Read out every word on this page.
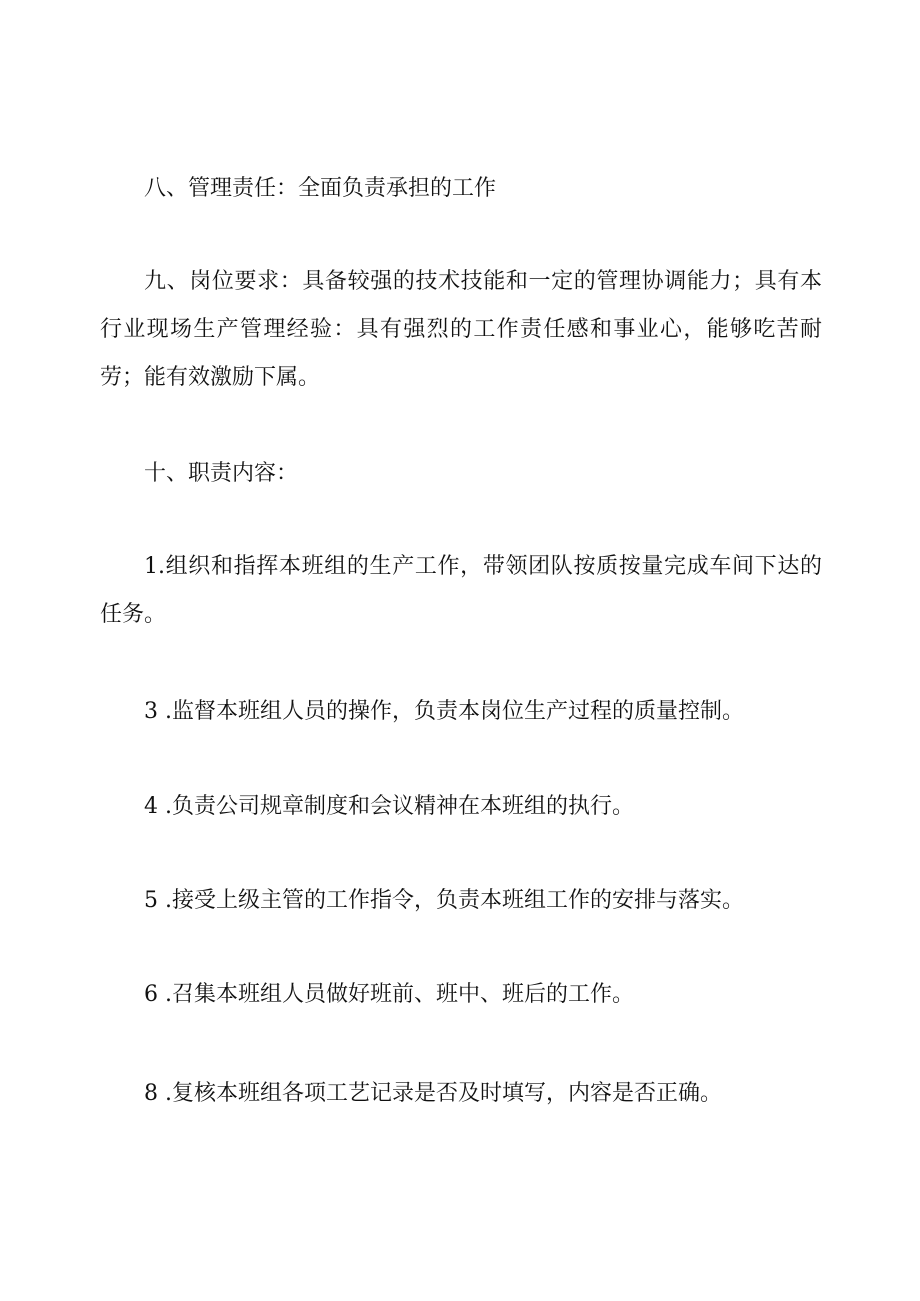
八、管理责任：全面负责承担的工作

九、岗位要求：具备较强的技术技能和一定的管理协调能力；具有本行业现场生产管理经验：具有强烈的工作责任感和事业心，能够吃苦耐劳；能有效激励下属。

十、职责内容：

1.组织和指挥本班组的生产工作，带领团队按质按量完成车间下达的任务。

3 .监督本班组人员的操作，负责本岗位生产过程的质量控制。

4 .负责公司规章制度和会议精神在本班组的执行。

5 .接受上级主管的工作指令，负责本班组工作的安排与落实。

6 .召集本班组人员做好班前、班中、班后的工作。

8 .复核本班组各项工艺记录是否及时填写，内容是否正确。
